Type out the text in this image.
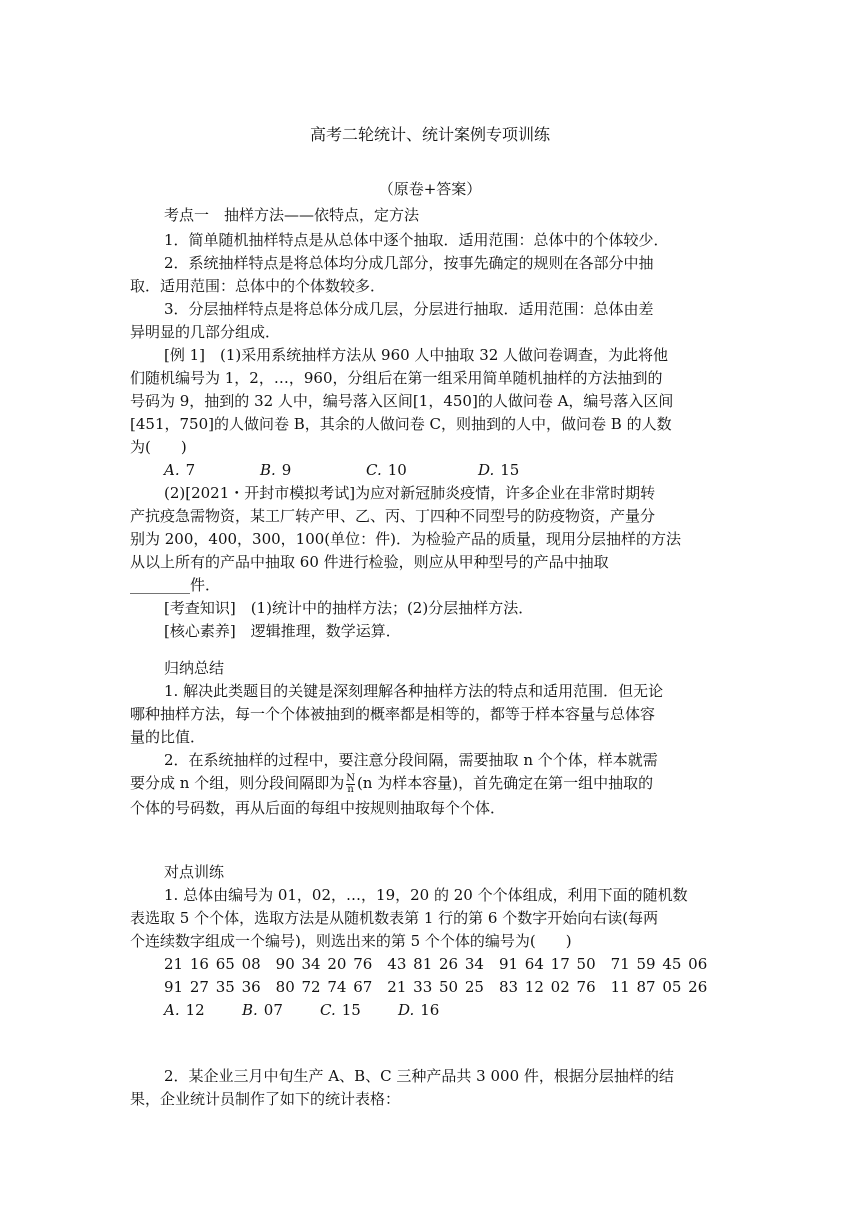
高考二轮统计、统计案例专项训练
（原卷+答案）
考点一　抽样方法——依特点，定方法
1．简单随机抽样特点是从总体中逐个抽取．适用范围：总体中的个体较少．
2．系统抽样特点是将总体均分成几部分，按事先确定的规则在各部分中抽
取．适用范围：总体中的个体数较多．
3．分层抽样特点是将总体分成几层，分层进行抽取．适用范围：总体由差
异明显的几部分组成．
[例 1]　(1)采用系统抽样方法从 960 人中抽取 32 人做问卷调查，为此将他
们随机编号为 1，2，…，960，分组后在第一组采用简单随机抽样的方法抽到的
号码为 9，抽到的 32 人中，编号落入区间[1，450]的人做问卷 A，编号落入区间
[451，750]的人做问卷 B，其余的人做问卷 C，则抽到的人中，做问卷 B 的人数
为(　　)
A. 7	B. 9	C. 10	D. 15
(2)[2021・开封市模拟考试]为应对新冠肺炎疫情，许多企业在非常时期转
产抗疫急需物资，某工厂转产甲、乙、丙、丁四种不同型号的防疫物资，产量分
别为 200，400，300，100(单位：件)．为检验产品的质量，现用分层抽样的方法
从以上所有的产品中抽取 60 件进行检验，则应从甲种型号的产品中抽取
________件．
[考查知识]　(1)统计中的抽样方法；(2)分层抽样方法．
[核心素养]　逻辑推理，数学运算．
归纳总结
1. 解决此类题目的关键是深刻理解各种抽样方法的特点和适用范围．但无论
哪种抽样方法，每一个个体被抽到的概率都是相等的，都等于样本容量与总体容
量的比值．
2．在系统抽样的过程中，要注意分段间隔，需要抽取 n 个个体，样本就需
要分成 n 个组，则分段间隔即为 $\frac{N}{n} (n$ 为样本容量)，首先确定在第一组中抽取的
个体的号码数，再从后面的每组中按规则抽取每个个体．
对点训练
1. 总体由编号为 01，02，…，19，20 的 20 个个体组成，利用下面的随机数
表选取 5 个个体，选取方法是从随机数表第 1 行的第 6 个数字开始向右读(每两
个连续数字组成一个编号)，则选出来的第 5 个个体的编号为(　　)
21 16 65 08　90 34 20 76　43 81 26 34　91 64 17 50　71 59 45 06
91 27 35 36　80 72 74 67　21 33 50 25　83 12 02 76　11 87 05 26
A. 12 B. 07 C. 15 D. 16
2．某企业三月中旬生产 A、B、C 三种产品共 3 000 件，根据分层抽样的结
果，企业统计员制作了如下的统计表格：
